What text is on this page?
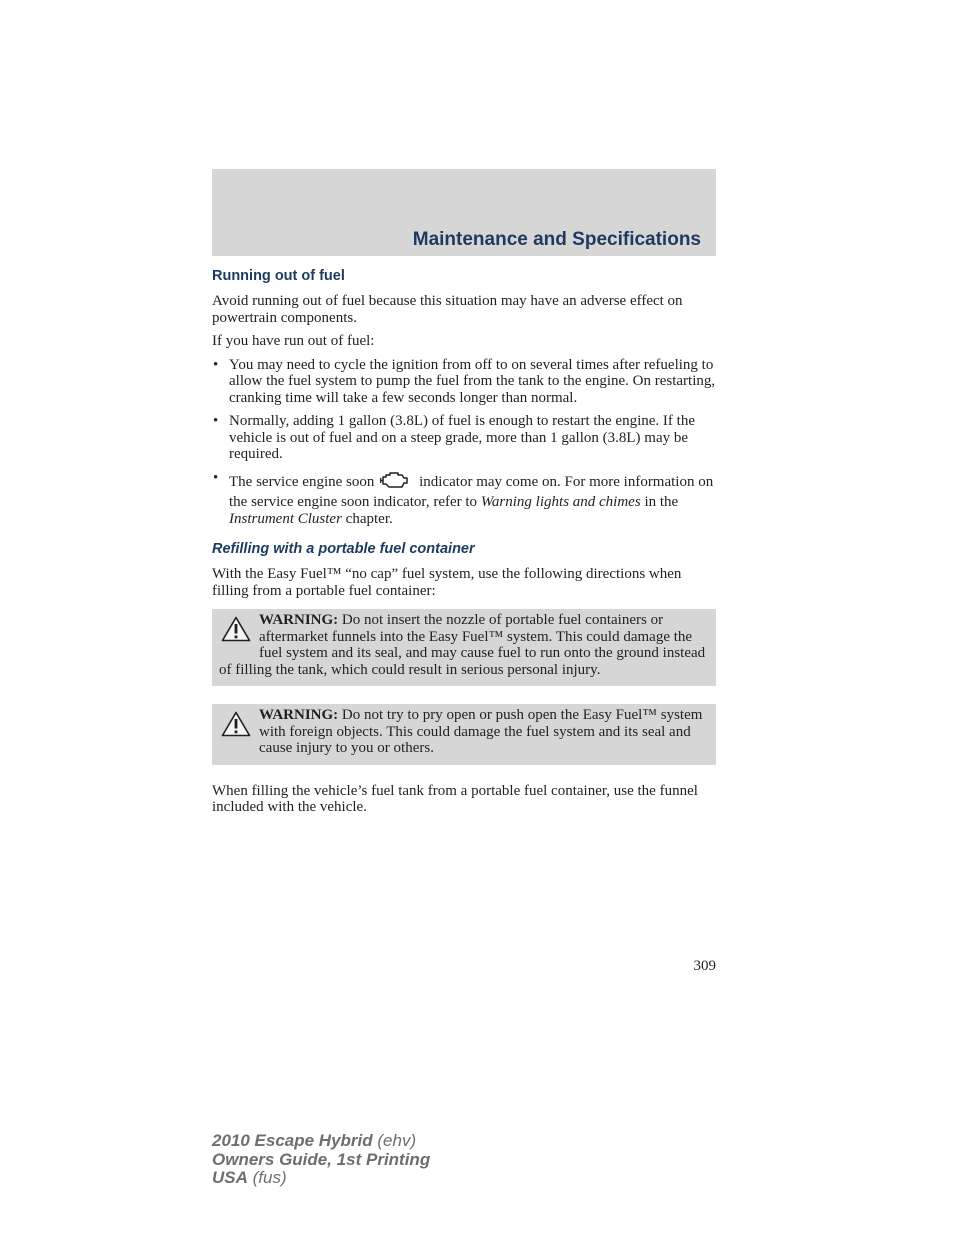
Maintenance and Specifications
Running out of fuel

Avoid running out of fuel because this situation may have an adverse effect on powertrain components.

If you have run out of fuel:

• You may need to cycle the ignition from off to on several times after refueling to allow the fuel system to pump the fuel from the tank to the engine. On restarting, cranking time will take a few seconds longer than normal.
• Normally, adding 1 gallon (3.8L) of fuel is enough to restart the engine. If the vehicle is out of fuel and on a steep grade, more than 1 gallon (3.8L) may be required.
• The service engine soon	indicator may come on. For more information on the service engine soon indicator, refer to Warning lights and chimes in the Instrument Cluster chapter.
Refilling with a portable fuel container

With the Easy Fuel™ “no cap” fuel system, use the following directions when filling from a portable fuel container:

WARNING: Do not insert the nozzle of portable fuel containers or aftermarket funnels into the Easy Fuel™ system. This could damage the fuel system and its seal, and may cause fuel to run onto the ground instead of filling the tank, which could result in serious personal injury.
WARNING: Do not try to pry open or push open the Easy Fuel™ system with foreign objects. This could damage the fuel system and its seal and cause injury to you or others.

When filling the vehicle’s fuel tank from a portable fuel container, use the funnel included with the vehicle.

309
2010 Escape Hybrid (ehv)
Owners Guide, 1st Printing
USA (fus)
